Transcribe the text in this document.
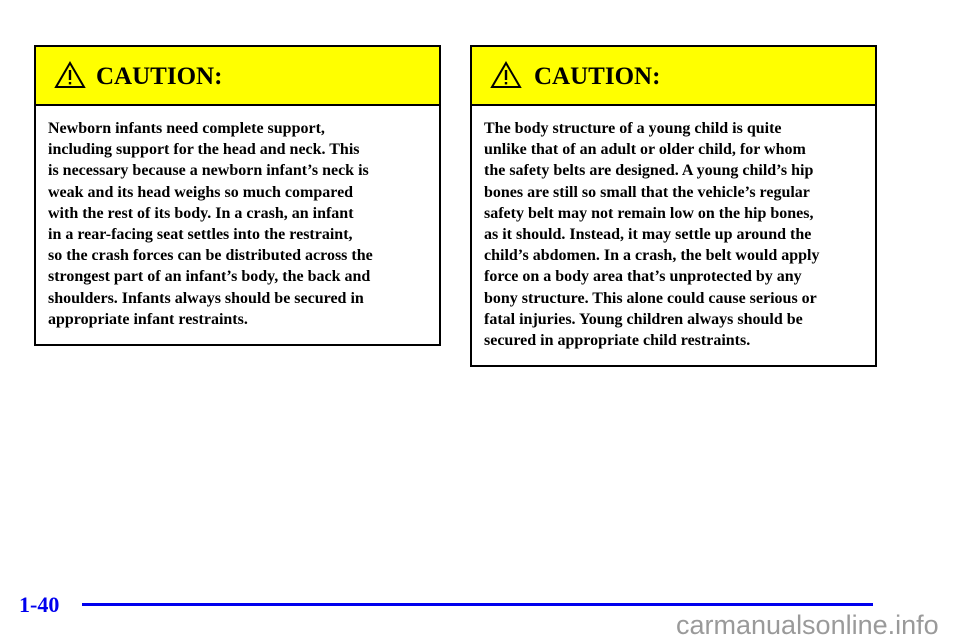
CAUTION:
Newborn infants need complete support,
including support for the head and neck. This
is necessary because a newborn infant’s neck is
weak and its head weighs so much compared
with the rest of its body. In a crash, an infant
in a rear-facing seat settles into the restraint,
so the crash forces can be distributed across the
strongest part of an infant’s body, the back and
shoulders. Infants always should be secured in
appropriate infant restraints.
CAUTION:
The body structure of a young child is quite
unlike that of an adult or older child, for whom
the safety belts are designed. A young child’s hip
bones are still so small that the vehicle’s regular
safety belt may not remain low on the hip bones,
as it should. Instead, it may settle up around the
child’s abdomen. In a crash, the belt would apply
force on a body area that’s unprotected by any
bony structure. This alone could cause serious or
fatal injuries. Young children always should be
secured in appropriate child restraints.
1-40
carmanualsonline.info
